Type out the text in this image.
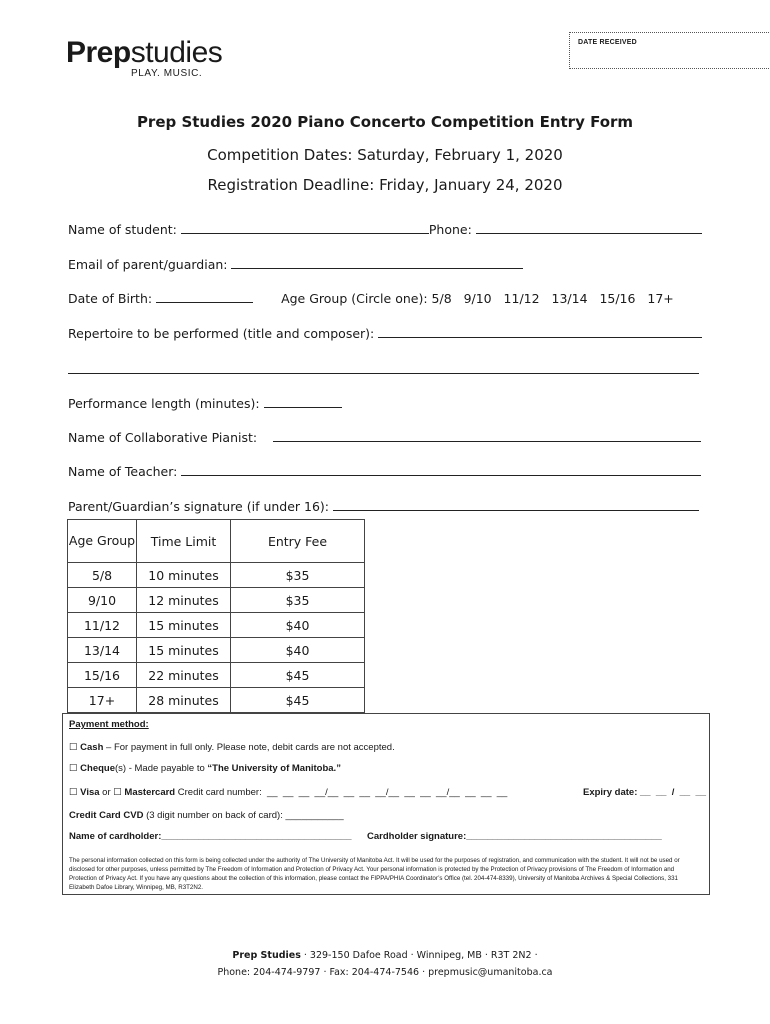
Prepstudies
PLAY. MUSIC.
DATE RECEIVED
Prep Studies 2020 Piano Concerto Competition Entry Form
Competition Dates: Saturday, February 1, 2020
Registration Deadline: Friday, January 24, 2020
Name of student:	Phone:
Email of parent/guardian:
Date of Birth:	Age Group (Circle one): 5/8   9/10   11/12   13/14   15/16   17+
Repertoire to be performed (title and composer):
Performance length (minutes):
Name of Collaborative Pianist:
Name of Teacher:
Parent/Guardian’s signature (if under 16):
Age Group	Time Limit	Entry Fee
5/8	10 minutes	$35
9/10	12 minutes	$35
11/12	15 minutes	$40
13/14	15 minutes	$40
15/16	22 minutes	$45
17+	28 minutes	$45
Payment method:
☐ Cash – For payment in full only. Please note, debit cards are not accepted.
☐ Cheque(s) - Made payable to “The University of Manitoba.”
☐ Visa or ☐ Mastercard Credit card number:  __  __  __  __/__  __  __  __/__  __  __  __/__  __  __  __	Expiry date: __  __  /  __  __
Credit Card CVD (3 digit number on back of card): ___________
Name of cardholder:____________________________________ Cardholder signature:_____________________________________
The personal information collected on this form is being collected under the authority of The University of Manitoba Act. It will be used for the purposes of registration, and communication with the student. It will not be used or disclosed for other purposes, unless permitted by The Freedom of Information and Protection of Privacy Act. Your personal information is protected by the Protection of Privacy provisions of The Freedom of Information and Protection of Privacy Act. If you have any questions about the collection of this information, please contact the FIPPA/PHIA Coordinator’s Office (tel. 204-474-8339), University of Manitoba Archives & Special Collections, 331 Elizabeth Dafoe Library, Winnipeg, MB, R3T2N2.
Prep Studies · 329-150 Dafoe Road · Winnipeg, MB · R3T 2N2 ·
Phone: 204-474-9797 · Fax: 204-474-7546 · prepmusic@umanitoba.ca
